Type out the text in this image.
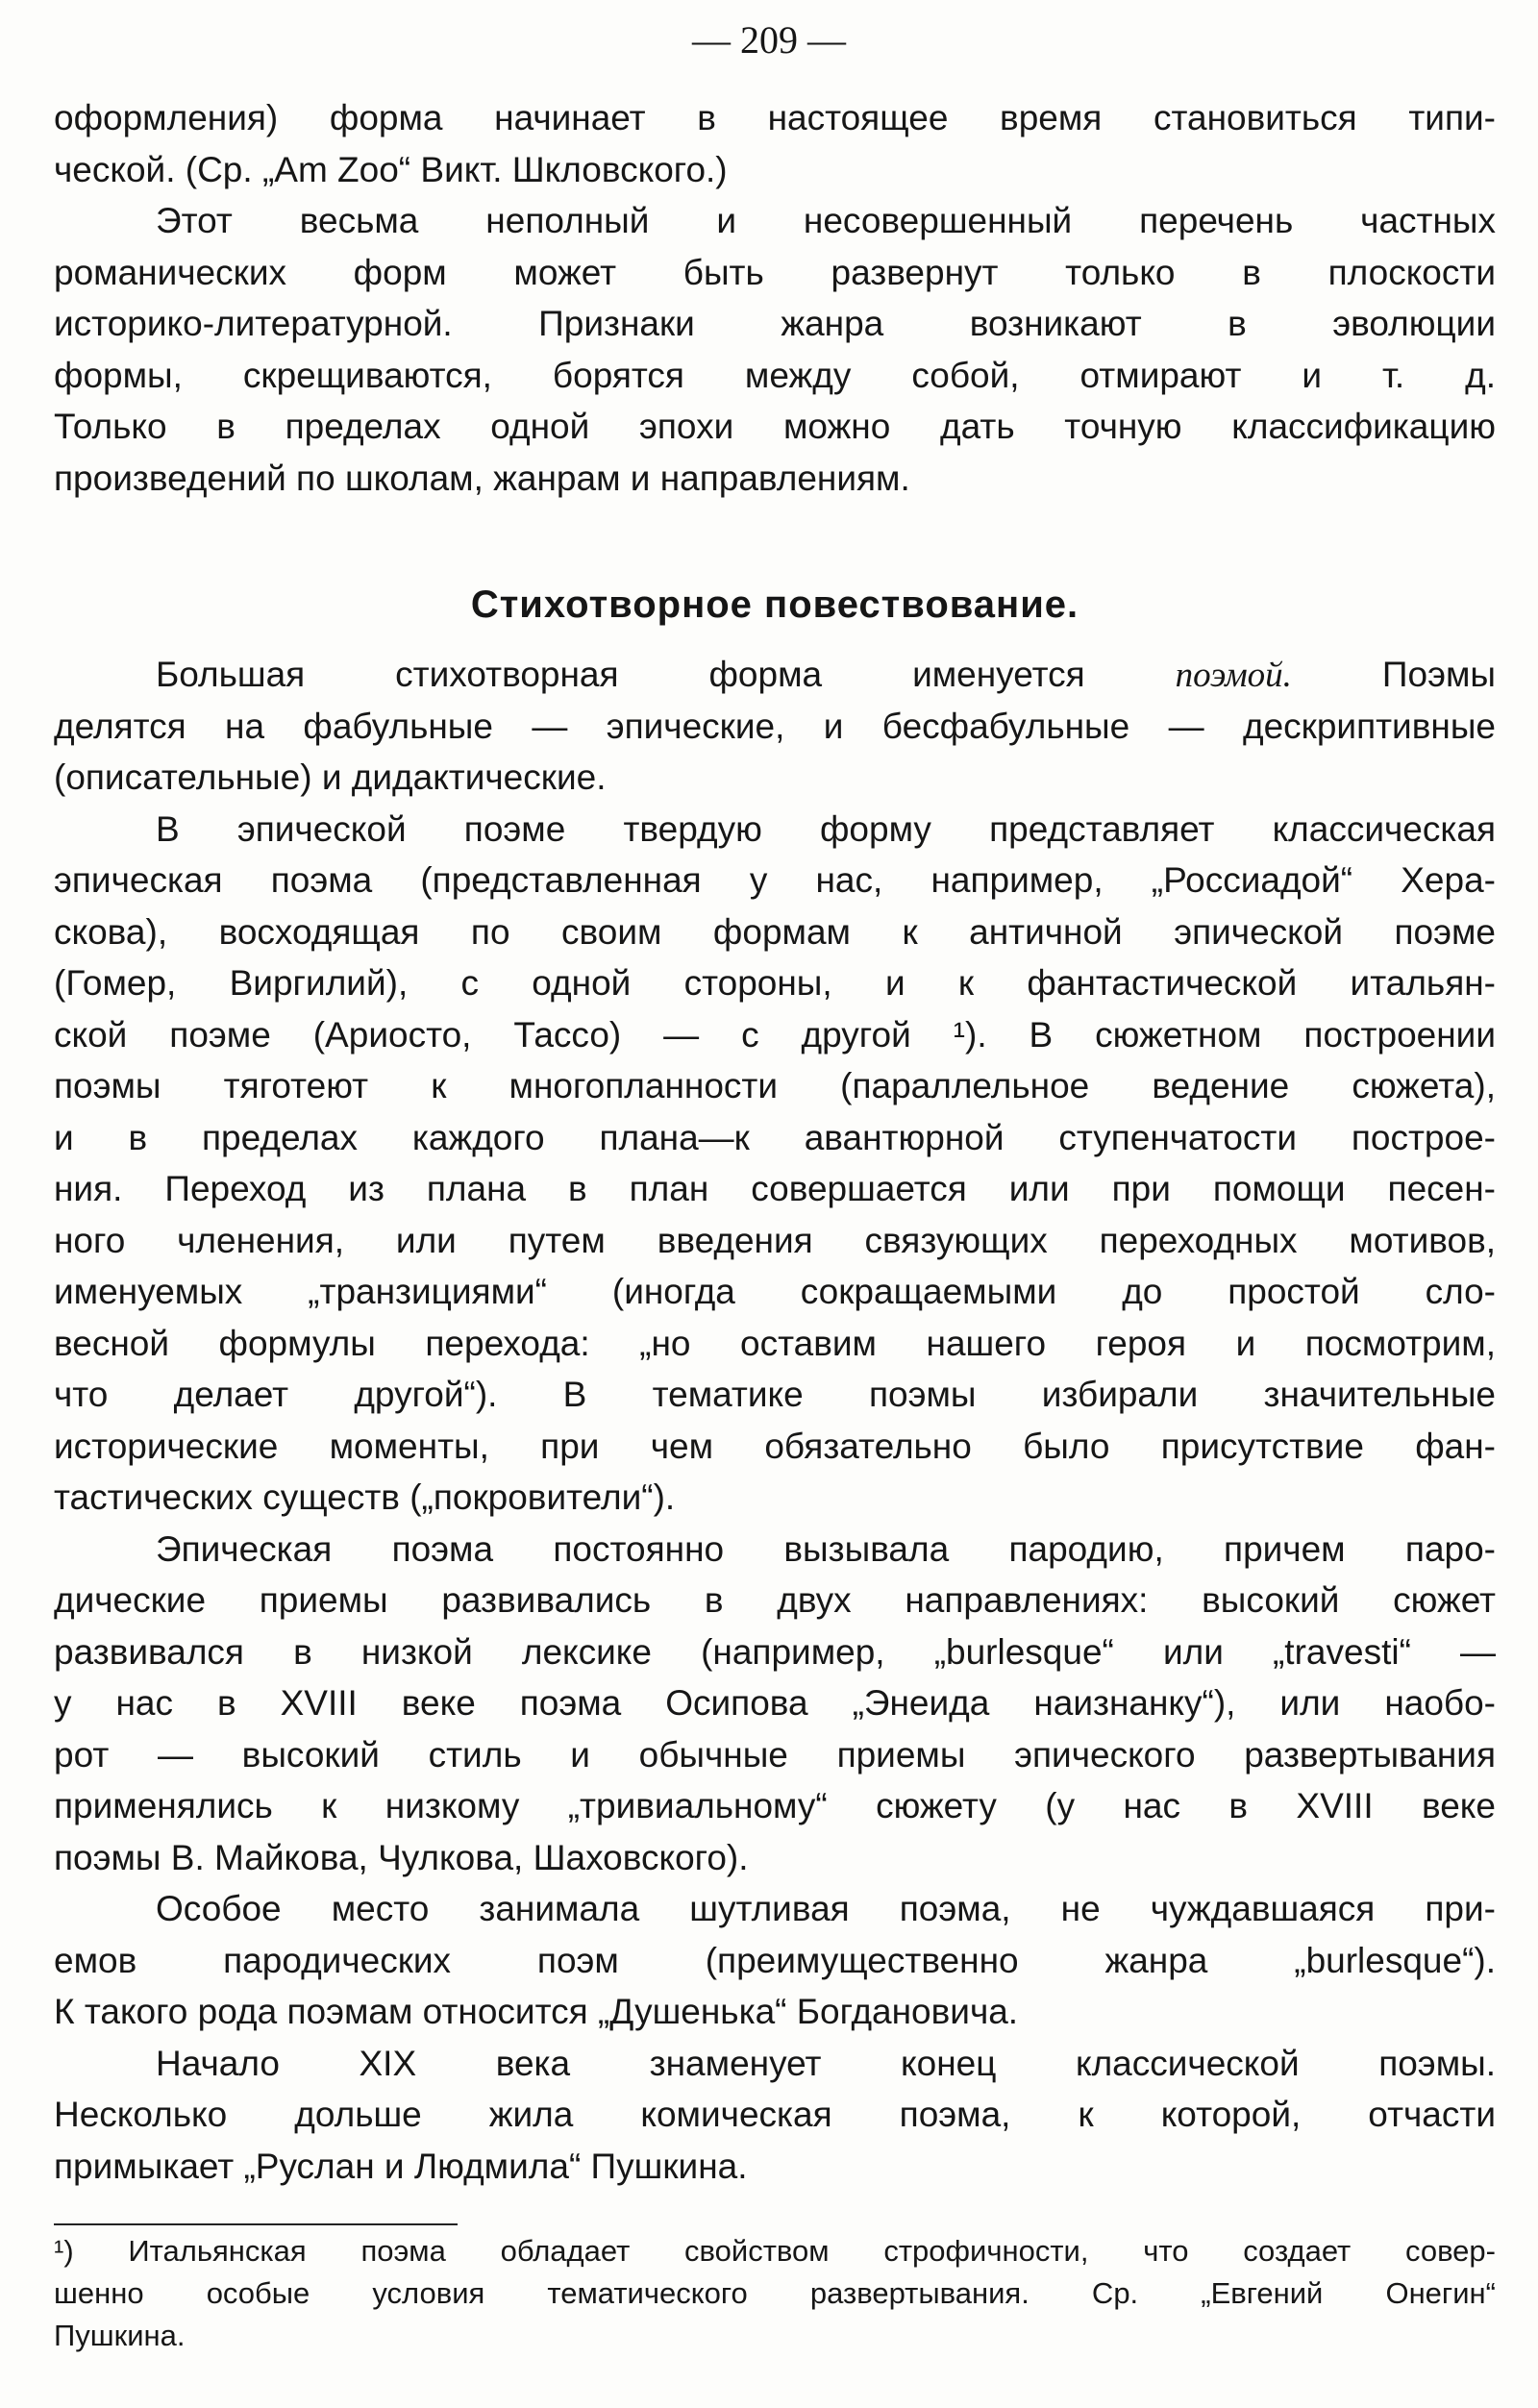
— 209 —
оформления) форма начинает в настоящее время становиться типи-
ческой. (Ср. „Am Zoo“ Викт. Шкловского.)
Этот весьма неполный и несовершенный перечень частных
романических форм может быть развернут только в плоскости
историко-литературной. Признаки жанра возникают в эволюции
формы, скрещиваются, борятся между собой, отмирают и т. д.
Только в пределах одной эпохи можно дать точную классификацию
произведений по школам, жанрам и направлениям.
Стихотворное повествование.
Большая стихотворная форма именуется	поэмой.	Поэмы
делятся на фабульные — эпические, и бесфабульные — дескриптивные
(описательные) и дидактические.
В эпической поэме твердую форму представляет классическая
эпическая поэма (представленная у нас, например, „Россиадой“ Хера-
скова), восходящая по своим формам к античной эпической поэме
(Гомер, Виргилий), с одной стороны, и к фантастической итальян-
ской поэме (Ариосто, Тассо) — с другой ¹). В сюжетном построении
поэмы тяготеют к многопланности (параллельное ведение сюжета),
и в пределах каждого плана—к авантюрной ступенчатости построе-
ния. Переход из плана в план совершается или при помощи песен-
ного членения, или путем введения связующих переходных мотивов,
именуемых „транзициями“ (иногда сокращаемыми до простой сло-
весной формулы перехода: „но оставим нашего героя и посмотрим,
что делает другой“). В тематике поэмы избирали значительные
исторические моменты, при чем обязательно было присутствие фан-
тастических существ („покровители“).
Эпическая поэма постоянно вызывала пародию, причем паро-
дические приемы развивались в двух направлениях: высокий сюжет
развивался в низкой лексике (например, „burlesque“ или „travesti“ —
у нас в XVIII веке поэма Осипова „Энеида наизнанку“), или наобо-
рот — высокий стиль и обычные приемы эпического развертывания
применялись к низкому „тривиальному“ сюжету (у нас в XVIII веке
поэмы В. Майкова, Чулкова, Шаховского).
Особое место занимала шутливая поэма, не чуждавшаяся при-
емов пародических поэм (преимущественно жанра „burlesque“).
К такого рода поэмам относится „Душенька“ Богдановича.
Начало XIX века знаменует конец классической поэмы.
Несколько дольше жила комическая поэма, к которой, отчасти
примыкает „Руслан и Людмила“ Пушкина.
¹) Итальянская поэма обладает свойством строфичности, что создает совер-
шенно особые условия тематического развертывания. Ср. „Евгений Онегин“
Пушкина.
